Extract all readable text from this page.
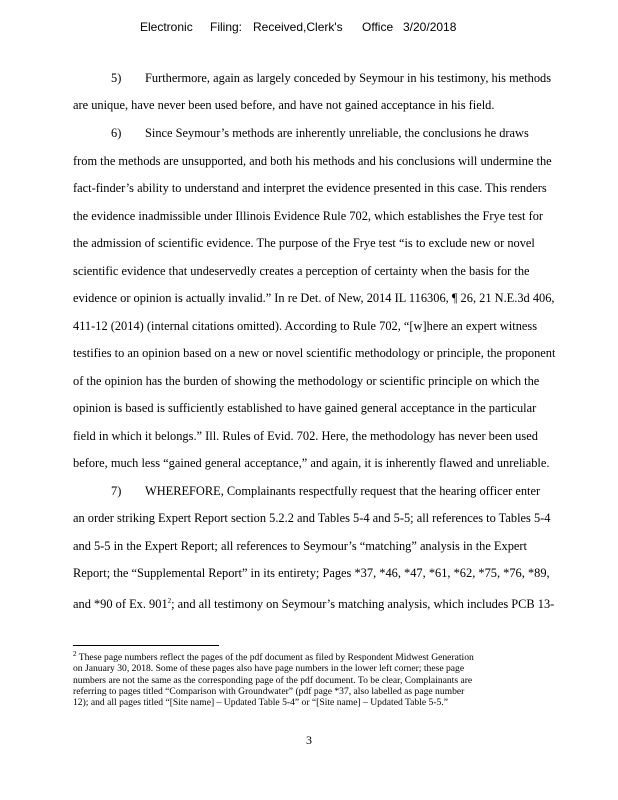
Electronic Filing: Received,Clerk's Office 3/20/2018
5) Furthermore, again as largely conceded by Seymour in his testimony, his methods
are unique, have never been used before, and have not gained acceptance in his field.
6) Since Seymour’s methods are inherently unreliable, the conclusions he draws
from the methods are unsupported, and both his methods and his conclusions will undermine the
fact-finder’s ability to understand and interpret the evidence presented in this case. This renders
the evidence inadmissible under Illinois Evidence Rule 702, which establishes the Frye test for
the admission of scientific evidence. The purpose of the Frye test “is to exclude new or novel
scientific evidence that undeservedly creates a perception of certainty when the basis for the
evidence or opinion is actually invalid.” In re Det. of New, 2014 IL 116306, ¶ 26, 21 N.E.3d 406,
411-12 (2014) (internal citations omitted). According to Rule 702, “[w]here an expert witness
testifies to an opinion based on a new or novel scientific methodology or principle, the proponent
of the opinion has the burden of showing the methodology or scientific principle on which the
opinion is based is sufficiently established to have gained general acceptance in the particular
field in which it belongs.” Ill. Rules of Evid. 702. Here, the methodology has never been used
before, much less “gained general acceptance,” and again, it is inherently flawed and unreliable.
7) WHEREFORE, Complainants respectfully request that the hearing officer enter
an order striking Expert Report section 5.2.2 and Tables 5-4 and 5-5; all references to Tables 5-4
and 5-5 in the Expert Report; all references to Seymour’s “matching” analysis in the Expert
Report; the “Supplemental Report” in its entirety; Pages *37, *46, *47, *61, *62, *75, *76, *89,
and *90 of Ex. $901^2$; and all testimony on Seymour’s matching analysis, which includes PCB 13-
$^2$ These page numbers reflect the pages of the pdf document as filed by Respondent Midwest Generation
on January 30, 2018. Some of these pages also have page numbers in the lower left corner; these page
numbers are not the same as the corresponding page of the pdf document. To be clear, Complainants are
referring to pages titled “Comparison with Groundwater” (pdf page *37, also labelled as page number
12); and all pages titled “[Site name] – Updated Table 5-4” or “[Site name] – Updated Table 5-5.”
3
